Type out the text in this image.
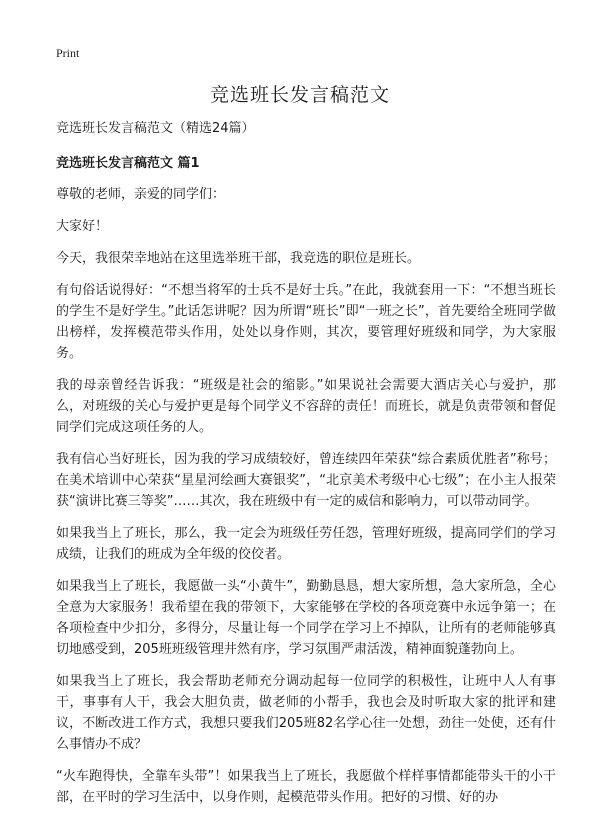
Print
竞选班长发言稿范文

竞选班长发言稿范文（精选24篇）

竞选班长发言稿范文 篇1

尊敬的老师，亲爱的同学们：

大家好！

今天，我很荣幸地站在这里选举班干部，我竞选的职位是班长。

有句俗话说得好：“不想当将军的士兵不是好士兵。”在此，我就套用一下：“不想当班长的学生不是好学生。”此话怎讲呢？因为所谓“班长”即“一班之长”，首先要给全班同学做出榜样，发挥模范带头作用，处处以身作则，其次，要管理好班级和同学，为大家服务。

我的母亲曾经告诉我：“班级是社会的缩影。”如果说社会需要大酒店关心与爱护，那么，对班级的关心与爱护更是每个同学义不容辞的责任！而班长，就是负责带领和督促同学们完成这项任务的人。

我有信心当好班长，因为我的学习成绩较好，曾连续四年荣获“综合素质优胜者”称号；在美术培训中心荣获“星星河绘画大赛银奖”，“北京美术考级中心七级”；在小主人报荣获“演讲比赛三等奖”……其次，我在班级中有一定的威信和影响力，可以带动同学。

如果我当上了班长，那么，我一定会为班级任劳任怨，管理好班级，提高同学们的学习成绩，让我们的班成为全年级的佼佼者。

如果我当上了班长，我愿做一头“小黄牛”，勤勤恳恳，想大家所想，急大家所急，全心全意为大家服务！我希望在我的带领下，大家能够在学校的各项竞赛中永远争第一；在各项检查中少扣分，多得分，尽量让每一个同学在学习上不掉队，让所有的老师能够真切地感受到，205班班级管理井然有序，学习氛围严肃活泼，精神面貌蓬勃向上。

如果我当上了班长，我会帮助老师充分调动起每一位同学的积极性，让班中人人有事干，事事有人干，我会大胆负责，做老师的小帮手，我也会及时听取大家的批评和建议，不断改进工作方式，我想只要我们205班82名学心往一处想，劲往一处使，还有什么事情办不成？

“火车跑得快，全靠车头带”！如果我当上了班长，我愿做个样样事情都能带头干的小干部，在平时的学习生活中，以身作则，起模范带头作用。把好的习惯、好的办
